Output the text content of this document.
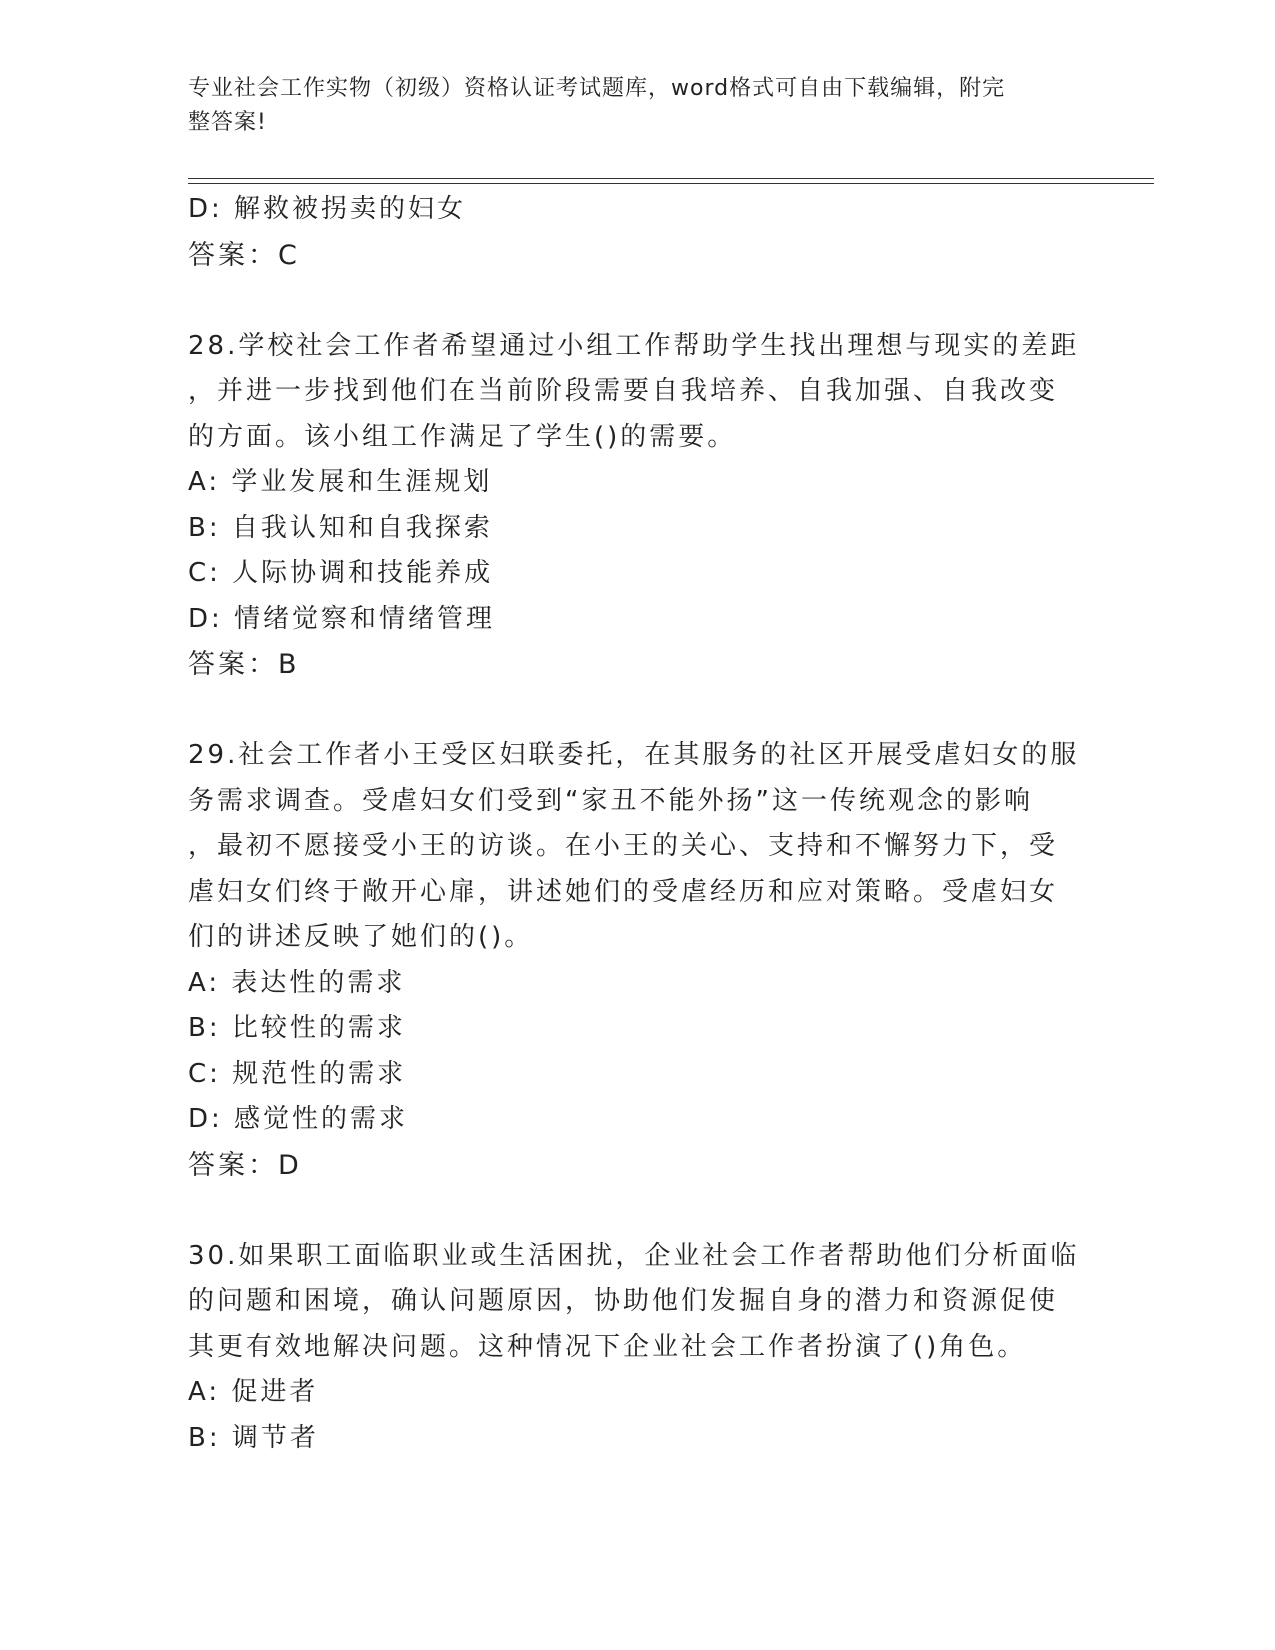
专业社会工作实物（初级）资格认证考试题库，word格式可自由下载编辑，附完
整答案!
D: 解救被拐卖的妇女
答案：C
28.学校社会工作者希望通过小组工作帮助学生找出理想与现实的差距
，并进一步找到他们在当前阶段需要自我培养、自我加强、自我改变
的方面。该小组工作满足了学生()的需要。
A: 学业发展和生涯规划
B: 自我认知和自我探索
C: 人际协调和技能养成
D: 情绪觉察和情绪管理
答案：B
29.社会工作者小王受区妇联委托，在其服务的社区开展受虐妇女的服
务需求调查。受虐妇女们受到“家丑不能外扬”这一传统观念的影响
，最初不愿接受小王的访谈。在小王的关心、支持和不懈努力下，受
虐妇女们终于敞开心扉，讲述她们的受虐经历和应对策略。受虐妇女
们的讲述反映了她们的()。
A: 表达性的需求
B: 比较性的需求
C: 规范性的需求
D: 感觉性的需求
答案：D
30.如果职工面临职业或生活困扰，企业社会工作者帮助他们分析面临
的问题和困境，确认问题原因，协助他们发掘自身的潜力和资源促使
其更有效地解决问题。这种情况下企业社会工作者扮演了()角色。
A: 促进者
B: 调节者
